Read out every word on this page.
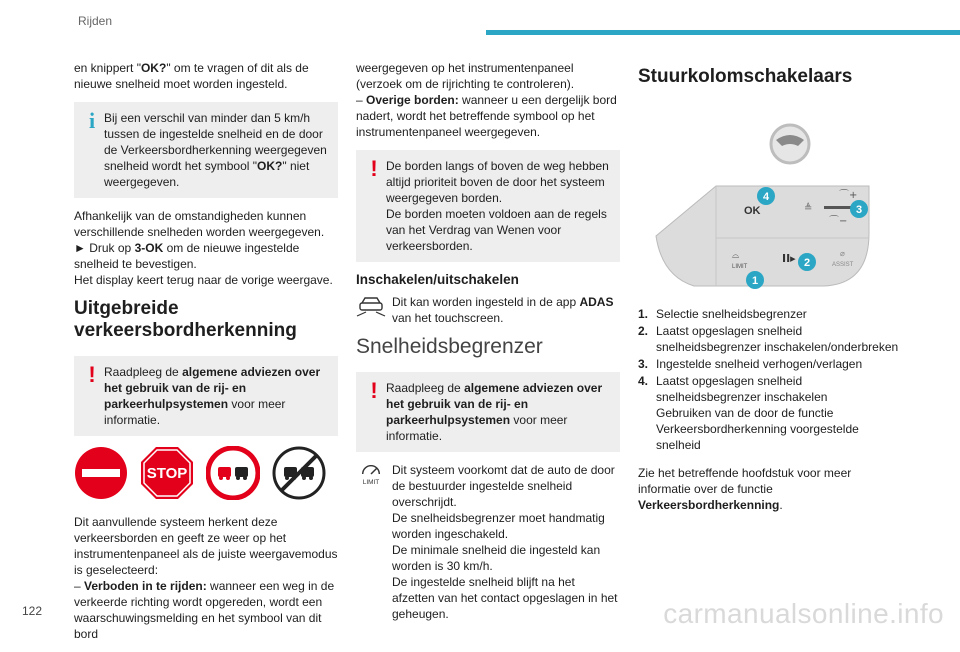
Rijden

en knippert "OK?" om te vragen of dit als de nieuwe snelheid moet worden ingesteld.

i Bij een verschil van minder dan 5 km/h tussen de ingestelde snelheid en de door de Verkeersbordherkenning weergegeven snelheid wordt het symbool "OK?" niet weergegeven.

Afhankelijk van de omstandigheden kunnen verschillende snelheden worden weergegeven.
► Druk op 3-OK om de nieuwe ingestelde snelheid te bevestigen.
Het display keert terug naar de vorige weergave.

Uitgebreide verkeersbordherkenning
! Raadpleeg de algemene adviezen over het gebruik van de rij- en parkeerhulpsystemen voor meer informatie.
STOP

Dit aanvullende systeem herkent deze verkeersborden en geeft ze weer op het instrumentenpaneel als de juiste weergavemodus is geselecteerd:
– Verboden in te rijden: wanneer een weg in de verkeerde richting wordt opgereden, wordt een waarschuwingsmelding en het symbool van dit bord

weergegeven op het instrumentenpaneel (verzoek om de rijrichting te controleren).
– Overige borden: wanneer u een dergelijk bord nadert, wordt het betreffende symbool op het instrumentenpaneel weergegeven.

! De borden langs of boven de weg hebben altijd prioriteit boven de door het systeem weergegeven borden.
De borden moeten voldoen aan de regels van het Verdrag van Wenen voor verkeersborden.
Inschakelen/uitschakelen
Dit kan worden ingesteld in de app ADAS van het touchscreen.
Snelheidsbegrenzer
! Raadpleeg de algemene adviezen over het gebruik van de rij- en parkeerhulpsystemen voor meer informatie.
LIMIT
Dit systeem voorkomt dat de auto de door de bestuurder ingestelde snelheid overschrijdt.
De snelheidsbegrenzer moet handmatig worden ingeschakeld.
De minimale snelheid die ingesteld kan worden is 30 km/h.
De ingestelde snelheid blijft na het afzetten van het contact opgeslagen in het geheugen.
Stuurkolomschakelaars
OK
⌒+
⌒−
≜
⌓
LIMIT
II▸	⌀
ASSIST
1
2
3
4
1. Selectie snelheidsbegrenzer
2. Laatst opgeslagen snelheid snelheidsbegrenzer inschakelen/onderbreken
3. Ingestelde snelheid verhogen/verlagen
4. Laatst opgeslagen snelheid snelheidsbegrenzer inschakelen
Gebruiken van de door de functie Verkeersbordherkenning voorgestelde snelheid

Zie het betreffende hoofdstuk voor meer informatie over de functie Verkeersbordherkenning.

122	carmanualsonline.info
